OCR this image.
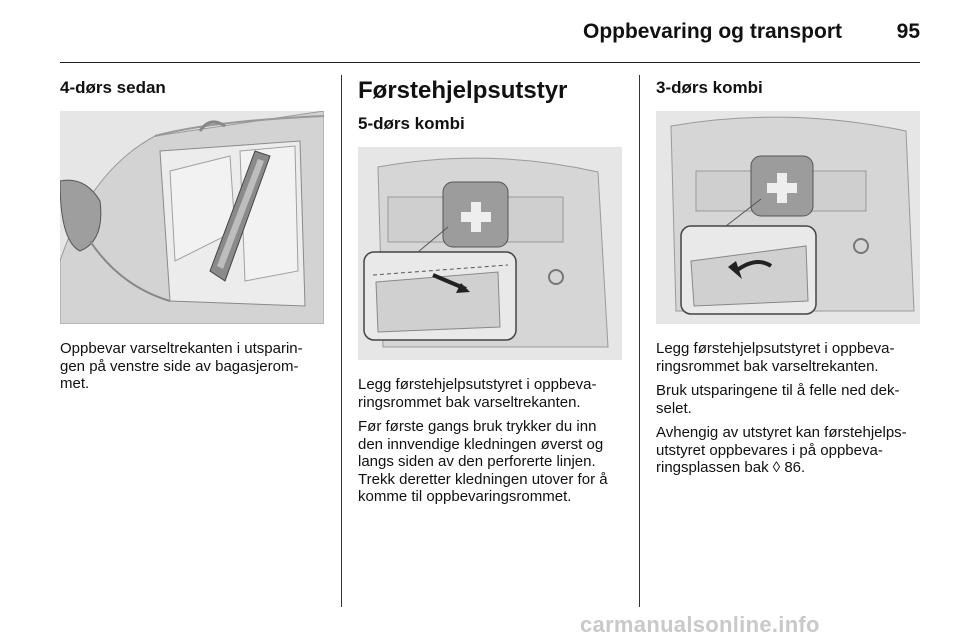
Oppbevaring og transport	95
4-dørs sedan

Oppbevar varseltrekanten i utsparin-
gen på venstre side av bagasjerom-
met.

Førstehjelpsutstyr
5-dørs kombi

Legg førstehjelpsutstyret i oppbeva-
ringsrommet bak varseltrekanten.

Før første gangs bruk trykker du inn
den innvendige kledningen øverst og
langs siden av den perforerte linjen.
Trekk deretter kledningen utover for å
komme til oppbevaringsrommet.

3-dørs kombi

Legg førstehjelpsutstyret i oppbeva-
ringsrommet bak varseltrekanten.

Bruk utsparingene til å felle ned dek-
selet.

Avhengig av utstyret kan førstehjelps-
utstyret oppbevares i på oppbeva-
ringsplassen bak ◊ 86.

carmanualsonline.info
